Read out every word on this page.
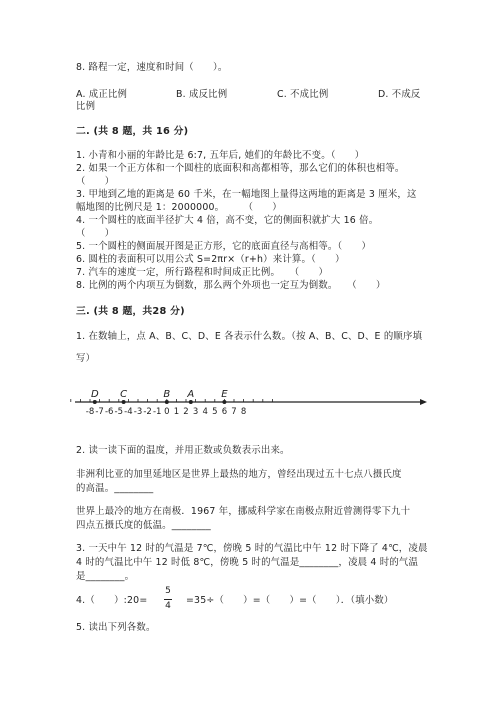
8. 路程一定，速度和时间（　　）。
A. 成正比例	B. 成反比例	C. 不成比例	D. 不成反
比例
二. (共 8 题，共 16 分)
1. 小青和小丽的年龄比是 6:7, 五年后, 她们的年龄比不变。（　　）
2. 如果一个正方体和一个圆柱的底面积和高都相等，那么它们的体积也相等。
（　　）
3. 甲地到乙地的距离是 60 千米，在一幅地图上量得这两地的距离是 3 厘米，这
幅地图的比例尺是 1：2000000。　　　（　　）
4. 一个圆柱的底面半径扩大 4 倍，高不变，它的侧面积就扩大 16 倍。
（　　）
5. 一个圆柱的侧面展开图是正方形，它的底面直径与高相等。（　　）
6. 圆柱的表面积可以用公式 S=2πr×（r+h）来计算。（　　）
7. 汽车的速度一定，所行路程和时间成正比例。　　（　　）
8. 比例的两个内项互为倒数，那么两个外项也一定互为倒数。　　（　　）
三. (共 8 题，共28 分)
1. 在数轴上，点 A、B、C、D、E 各表示什么数。（按 A、B、C、D、E 的顺序填
写）
-8 -7 -6 -5 -4 -3 -2 -1 0 1 2 3 4 5 6 7 8
D C	B A	E
2. 读一读下面的温度，并用正数或负数表示出来。
非洲利比亚的加里延地区是世界上最热的地方，曾经出现过五十七点八摄氏度
的高温。________
世界上最冷的地方在南极．1967 年，挪威科学家在南极点附近曾测得零下九十
四点五摄氏度的低温。________
3. 一天中午 12 时的气温是 7℃，傍晚 5 时的气温比中午 12 时下降了 4℃，凌晨
4 时的气温比中午 12 时低 8℃，傍晚 5 时的气温是________，凌晨 4 时的气温
是________。
4.（　　）:20=
5
4 =35÷（　　）=（　　）=（　　）．（填小数）
5. 读出下列各数。
